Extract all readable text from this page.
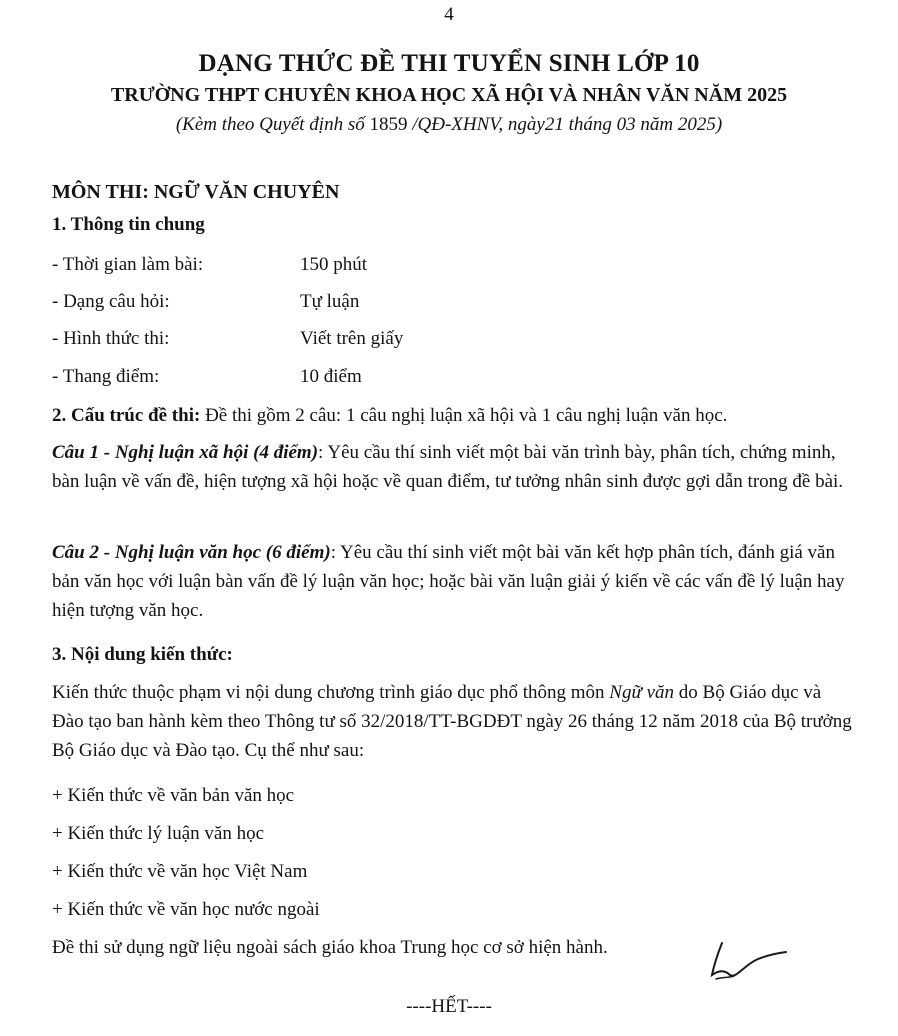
4
DẠNG THỨC ĐỀ THI TUYỂN SINH LỚP 10
TRƯỜNG THPT CHUYÊN KHOA HỌC XÃ HỘI VÀ NHÂN VĂN NĂM 2025
(Kèm theo Quyết định số 1859 /QĐ-XHNV, ngày21 tháng 03 năm 2025)
MÔN THI: NGỮ VĂN CHUYÊN
1. Thông tin chung
- Thời gian làm bài:	150 phút
- Dạng câu hỏi:	Tự luận
- Hình thức thi:	Viết trên giấy
- Thang điểm:	10 điểm
2. Cấu trúc đề thi: Đề thi gồm 2 câu: 1 câu nghị luận xã hội và 1 câu nghị luận văn học.
Câu 1 - Nghị luận xã hội (4 điểm): Yêu cầu thí sinh viết một bài văn trình bày, phân tích, chứng minh, bàn luận về vấn đề, hiện tượng xã hội hoặc về quan điểm, tư tưởng nhân sinh được gợi dẫn trong đề bài.
Câu 2 - Nghị luận văn học (6 điểm): Yêu cầu thí sinh viết một bài văn kết hợp phân tích, đánh giá văn bản văn học với luận bàn vấn đề lý luận văn học; hoặc bài văn luận giải ý kiến về các vấn đề lý luận hay hiện tượng văn học.
3. Nội dung kiến thức:
Kiến thức thuộc phạm vi nội dung chương trình giáo dục phổ thông môn Ngữ văn do Bộ Giáo dục và Đào tạo ban hành kèm theo Thông tư số 32/2018/TT-BGDĐT ngày 26 tháng 12 năm 2018 của Bộ trưởng Bộ Giáo dục và Đào tạo. Cụ thể như sau:
+ Kiến thức về văn bản văn học
+ Kiến thức lý luận văn học
+ Kiến thức về văn học Việt Nam
+ Kiến thức về văn học nước ngoài
Đề thi sử dụng ngữ liệu ngoài sách giáo khoa Trung học cơ sở hiện hành.
----HẾT----
